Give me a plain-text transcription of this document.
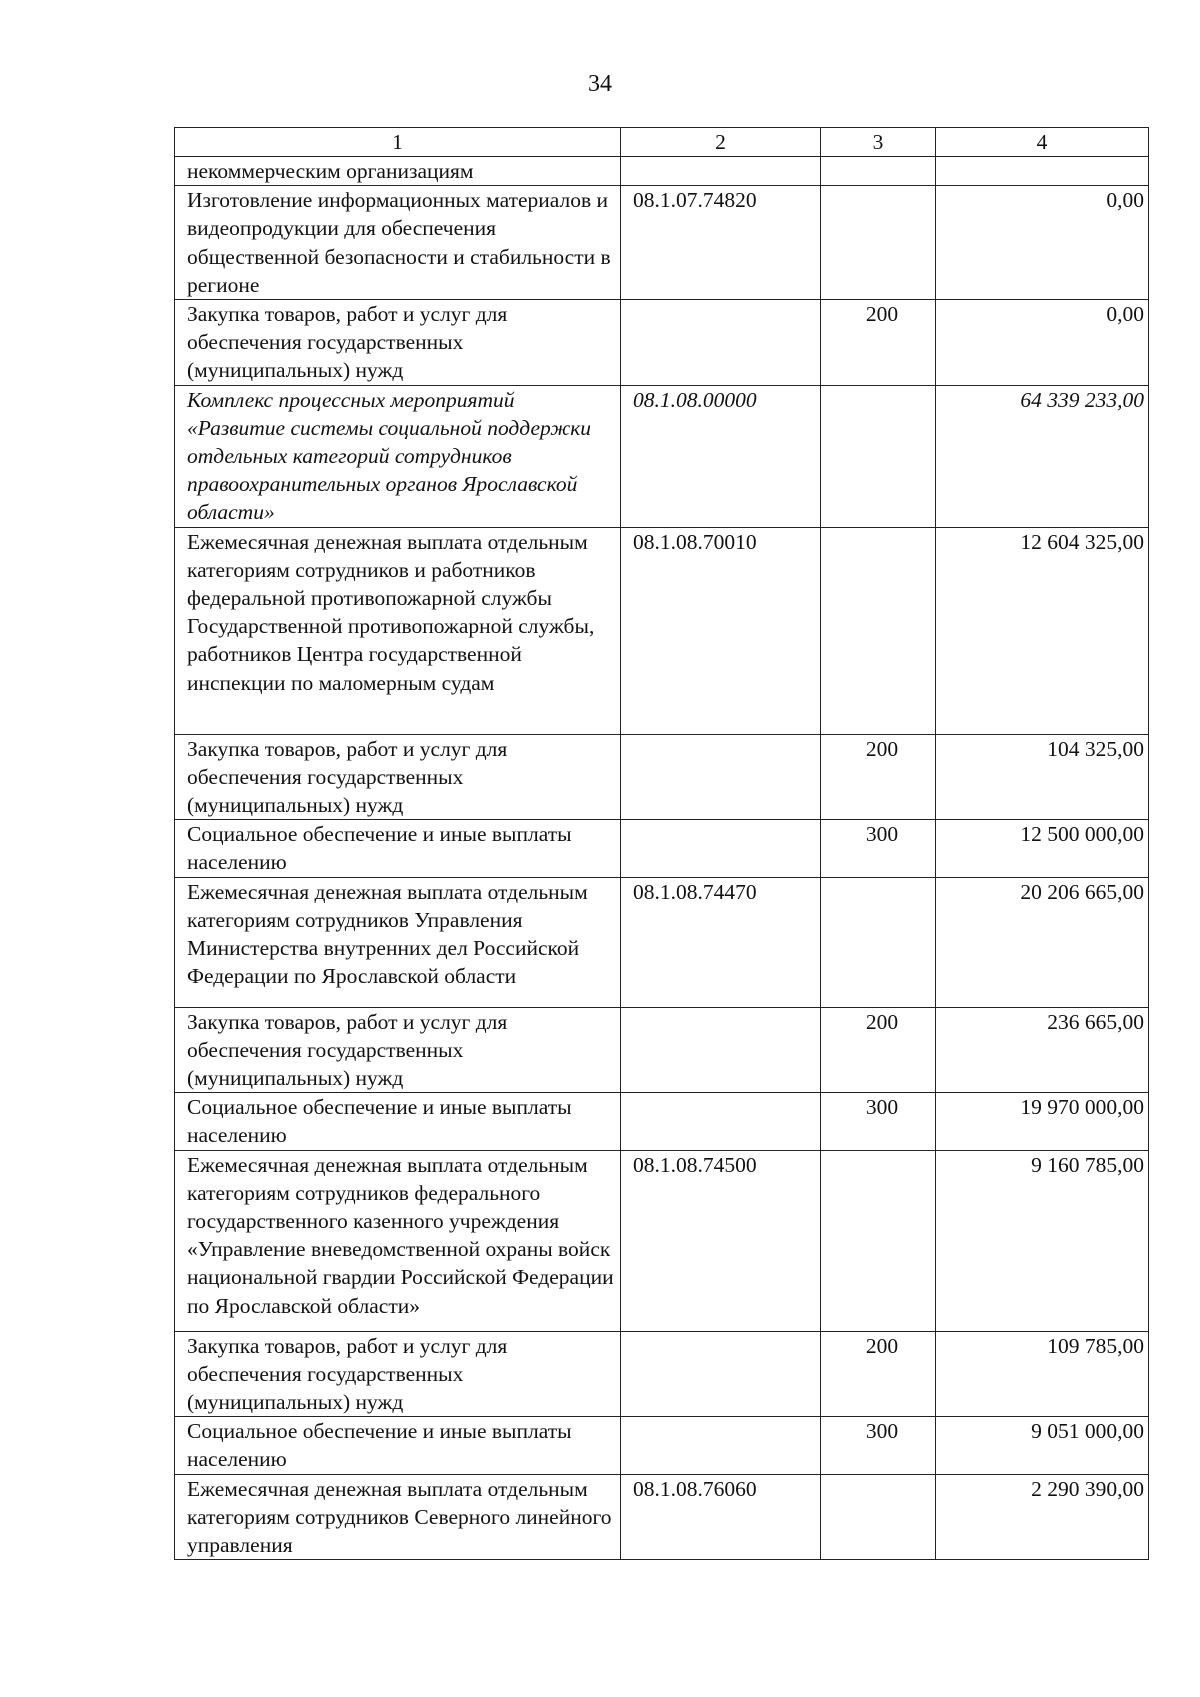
34
1	2	3	4
некоммерческим организациям			
Изготовление информационных материалов и видеопродукции для обеспечения общественной безопасности и стабильности в регионе	08.1.07.74820		0,00
Закупка товаров, работ и услуг для обеспечения государственных (муниципальных) нужд		200	0,00
Комплекс процессных мероприятий «Развитие системы социальной поддержки отдельных категорий сотрудников правоохранительных органов Ярославской области»	08.1.08.00000		64 339 233,00
Ежемесячная денежная выплата отдельным категориям сотрудников и работников федеральной противопожарной службы Государственной противопожарной службы, работников Центра государственной инспекции по маломерным судам	08.1.08.70010		12 604 325,00
Закупка товаров, работ и услуг для обеспечения государственных (муниципальных) нужд		200	104 325,00
Социальное обеспечение и иные выплаты населению		300	12 500 000,00
Ежемесячная денежная выплата отдельным категориям сотрудников Управления Министерства внутренних дел Российской Федерации по Ярославской области	08.1.08.74470		20 206 665,00
Закупка товаров, работ и услуг для обеспечения государственных (муниципальных) нужд		200	236 665,00
Социальное обеспечение и иные выплаты населению		300	19 970 000,00
Ежемесячная денежная выплата отдельным категориям сотрудников федерального государственного казенного учреждения «Управление вневедомственной охраны войск национальной гвардии Российской Федерации по Ярославской области»	08.1.08.74500		9 160 785,00
Закупка товаров, работ и услуг для обеспечения государственных (муниципальных) нужд		200	109 785,00
Социальное обеспечение и иные выплаты населению		300	9 051 000,00
Ежемесячная денежная выплата отдельным категориям сотрудников Северного линейного управления	08.1.08.76060		2 290 390,00
